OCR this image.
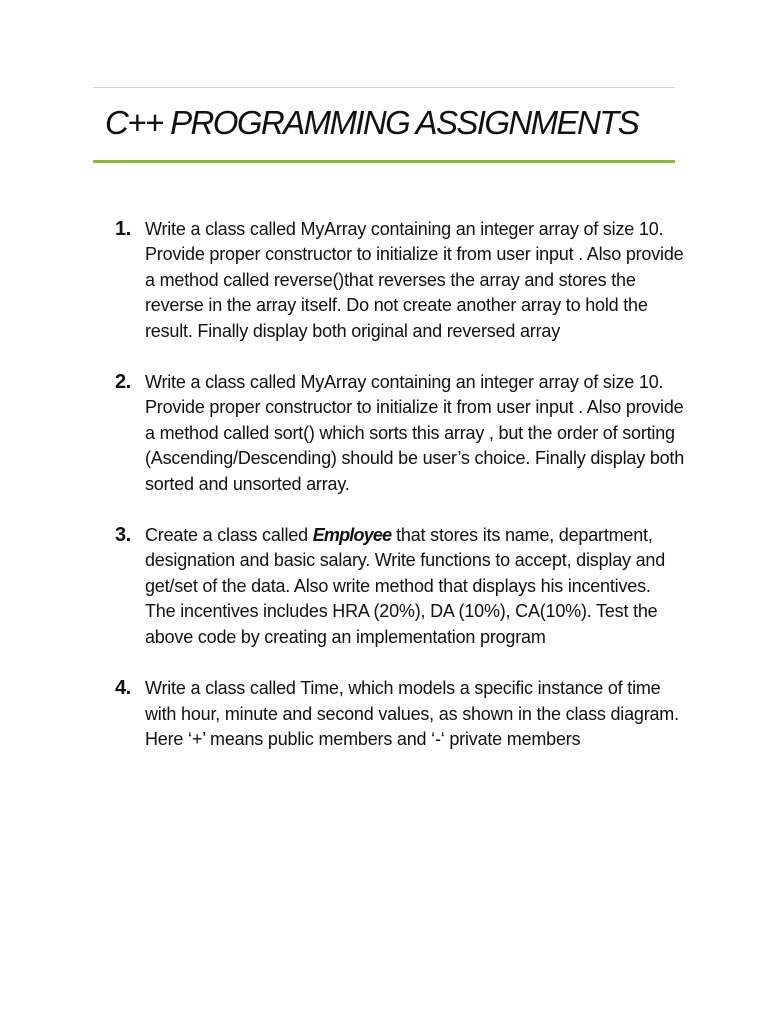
C++ PROGRAMMING ASSIGNMENTS
1. Write a class called MyArray containing an integer array of size 10. Provide proper constructor to initialize it from user input . Also provide a method called reverse()that reverses the array and stores the reverse in the array itself. Do not create another array to hold the result. Finally display both original and reversed array
2. Write a class called MyArray containing an integer array of size 10. Provide proper constructor to initialize it from user input . Also provide a method called sort() which sorts this array , but the order of sorting (Ascending/Descending) should be user’s choice. Finally display both sorted and unsorted array.
3. Create a class called Employee that stores its name, department, designation and basic salary. Write functions to accept, display and get/set of the data. Also write method that displays his incentives. The incentives includes HRA (20%), DA (10%), CA(10%). Test the above code by creating an implementation program
4. Write a class called Time, which models a specific instance of time with hour, minute and second values, as shown in the class diagram. Here ‘+’ means public members and ‘-‘ private members
